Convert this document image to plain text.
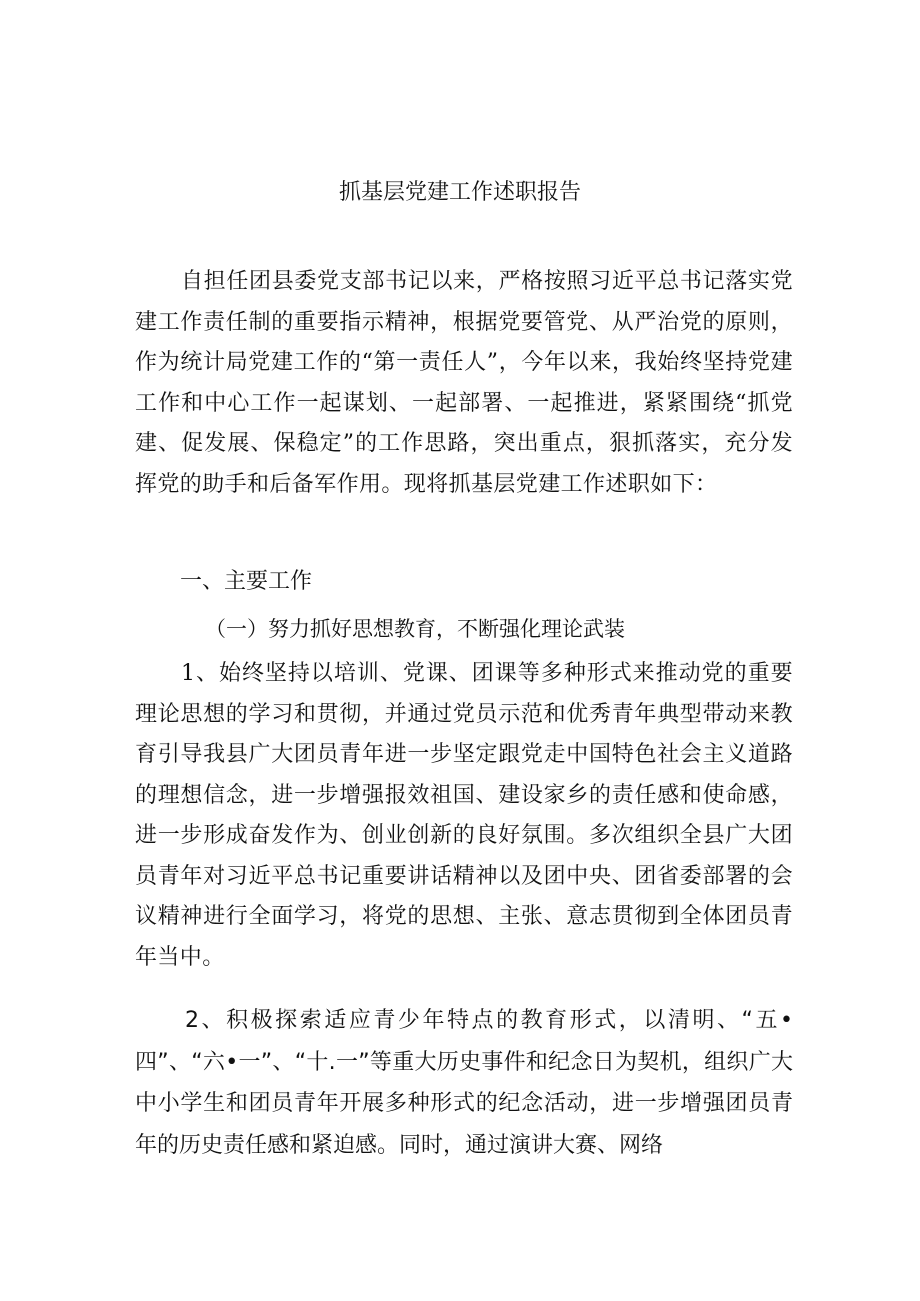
抓基层党建工作述职报告

自担任团县委党支部书记以来，严格按照习近平总书记落实党建工作责任制的重要指示精神，根据党要管党、从严治党的原则，作为统计局党建工作的“第一责任人”，今年以来，我始终坚持党建工作和中心工作一起谋划、一起部署、一起推进，紧紧围绕“抓党建、促发展、保稳定”的工作思路，突出重点，狠抓落实，充分发挥党的助手和后备军作用。现将抓基层党建工作述职如下：

一、主要工作
（一）努力抓好思想教育，不断强化理论武装

1、始终坚持以培训、党课、团课等多种形式来推动党的重要理论思想的学习和贯彻，并通过党员示范和优秀青年典型带动来教育引导我县广大团员青年进一步坚定跟党走中国特色社会主义道路的理想信念，进一步增强报效祖国、建设家乡的责任感和使命感，进一步形成奋发作为、创业创新的良好氛围。多次组织全县广大团员青年对习近平总书记重要讲话精神以及团中央、团省委部署的会议精神进行全面学习，将党的思想、主张、意志贯彻到全体团员青年当中。

2、积极探索适应青少年特点的教育形式，以清明、“五•四”、“六•一”、“十.一”等重大历史事件和纪念日为契机，组织广大中小学生和团员青年开展多种形式的纪念活动，进一步增强团员青年的历史责任感和紧迫感。同时，通过演讲大赛、网络
